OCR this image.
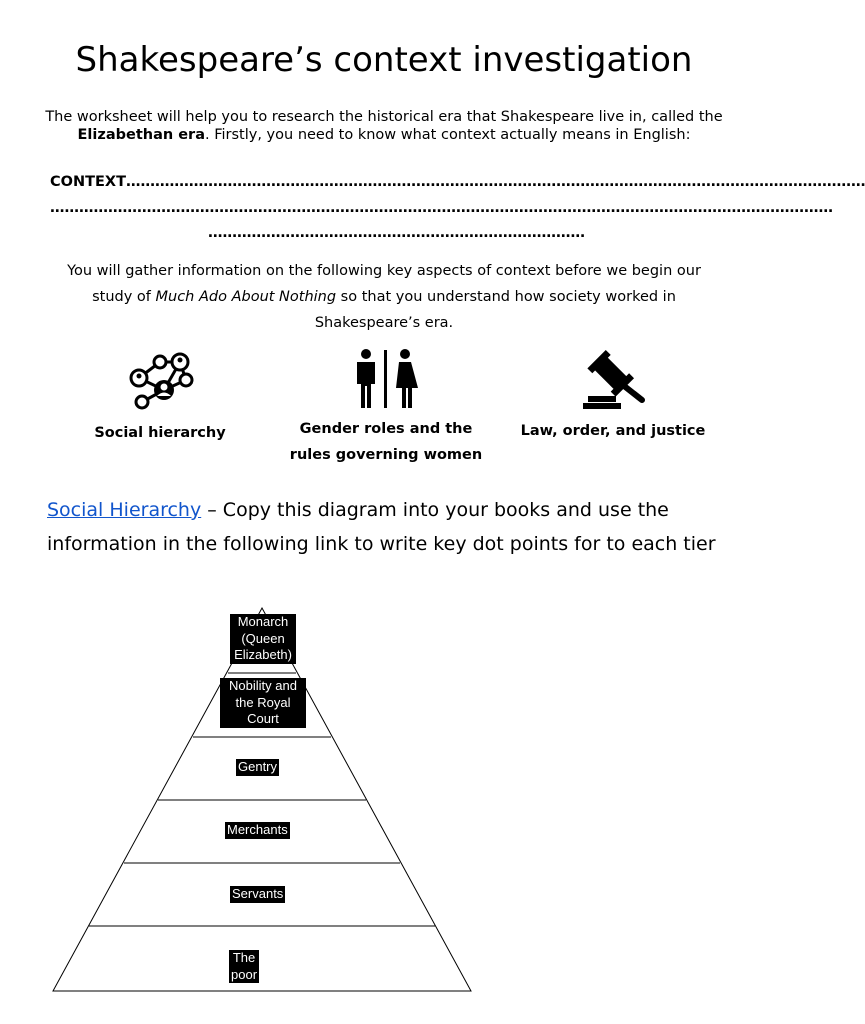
Shakespeare’s context investigation
The worksheet will help you to research the historical era that Shakespeare live in, called the Elizabethan era. Firstly, you need to know what context actually means in English:
CONTEXT………………………………………………………………………………………………………………………………………
………………………………………………………………………………………………………………………………………………
……………………………………………………………………
You will gather information on the following key aspects of context before we begin our study of Much Ado About Nothing so that you understand how society worked in Shakespeare’s era.
Social hierarchy	Gender roles and the rules governing women
Law, order, and justice
Social Hierarchy – Copy this diagram into your books and use the information in the following link to write key dot points for to each tier
Monarch (Queen Elizabeth)
Nobility and the Royal Court
Gentry
Merchants
Servants
The poor
